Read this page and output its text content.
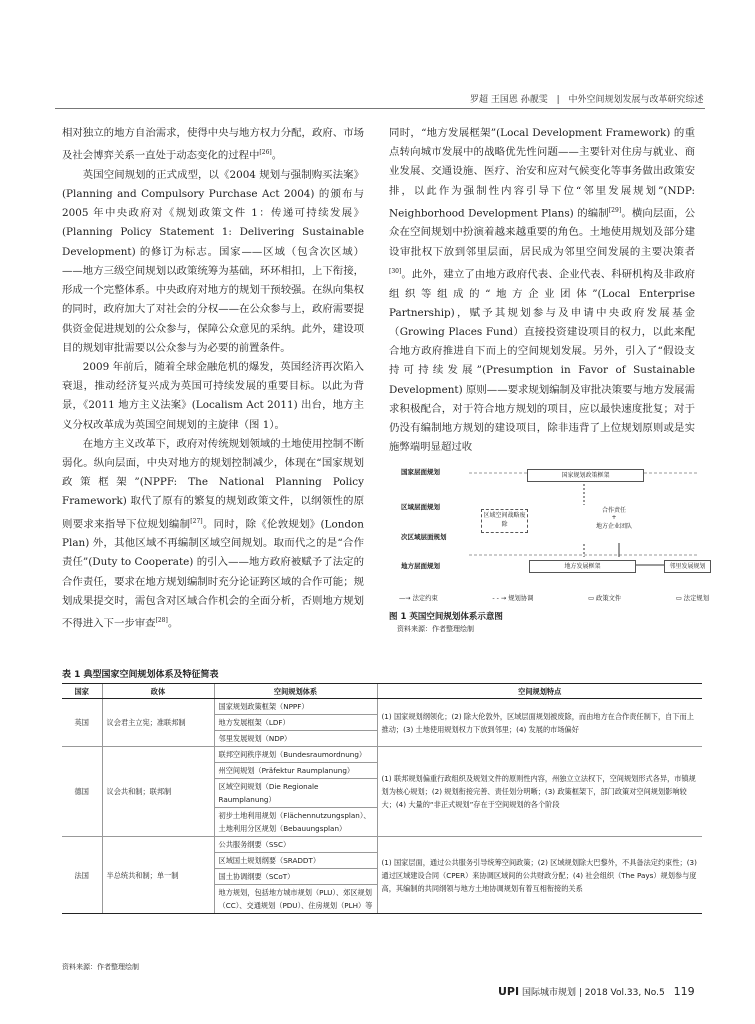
罗超 王国恩 孙靓雯 | 中外空间规划发展与改革研究综述

相对独立的地方自治需求，使得中央与地方权力分配，政府、市场及社会博弈关系一直处于动态变化的过程中[26]。

英国空间规划的正式成型，以《2004 规划与强制购买法案》(Planning and Compulsory Purchase Act 2004) 的颁布与 2005 年中央政府对《规划政策文件 1：传递可持续发展》(Planning Policy Statement 1: Delivering Sustainable Development) 的修订为标志。国家——区域（包含次区域）——地方三级空间规划以政策统筹为基础，环环相扣，上下衔接，形成一个完整体系。中央政府对地方的规划干预较强。在纵向集权的同时，政府加大了对社会的分权——在公众参与上，政府需要提供资金促进规划的公众参与，保障公众意见的采纳。此外，建设项目的规划审批需要以公众参与为必要的前置条件。

2009 年前后，随着全球金融危机的爆发，英国经济再次陷入衰退，推动经济复兴成为英国可持续发展的重要目标。以此为背景，《2011 地方主义法案》(Localism Act 2011) 出台，地方主义分权改革成为英国空间规划的主旋律（图 1）。

在地方主义改革下，政府对传统规划领域的土地使用控制不断弱化。纵向层面，中央对地方的规划控制减少，体现在“国家规划政策框架”(NPPF: The National Planning Policy Framework) 取代了原有的繁复的规划政策文件，以纲领性的原则要求来指导下位规划编制[27]。同时，除《伦敦规划》(London Plan) 外，其他区域不再编制区域空间规划。取而代之的是“合作责任”(Duty to Cooperate) 的引入——地方政府被赋予了法定的合作责任，要求在地方规划编制时充分论证跨区域的合作可能；规划成果提交时，需包含对区域合作机会的全面分析，否则地方规划不得进入下一步审查[28]。

同时，“地方发展框架”(Local Development Framework) 的重点转向城市发展中的战略优先性问题——主要针对住房与就业、商业发展、交通设施、医疗、治安和应对气候变化等事务做出政策安排，以此作为强制性内容引导下位“邻里发展规划”(NDP: Neighborhood Development Plans) 的编制[29]。横向层面，公众在空间规划中扮演着越来越重要的角色。土地使用规划及部分建设审批权下放到邻里层面，居民成为邻里空间发展的主要决策者[30]。此外，建立了由地方政府代表、企业代表、科研机构及非政府组织等组成的“地方企业团体”(Local Enterprise Partnership)，赋予其规划参与及申请中央政府发展基金（Growing Places Fund）直接投资建设项目的权力，以此来配合地方政府推进自下而上的空间规划发展。另外，引入了“假设支持可持续发展”(Presumption in Favor of Sustainable Development) 原则——要求规划编制及审批决策要与地方发展需求积极配合，对于符合地方规划的项目，应以最快速度批复；对于仍没有编制地方规划的建设项目，除非违背了上位规划原则或是实施弊端明显超过收

国家层面规划
区域层面规划
次区域层面规划
地方层面规划
国家规划政策框架
区域空间战略废除
合作责任
+
地方企业团队
地方发展框架	邻里发展规划
—→ 法定约束	- - → 规划协调	▭ 政策文件	▭ 法定规划
图 1 英国空间规划体系示意图
资料来源：作者整理绘制
表 1 典型国家空间规划体系及特征简表
国家	政体	空间规划体系	空间规划特点
英国	议会君主立宪；准联邦制	国家规划政策框架（NPPF）	(1) 国家规划纲领化；(2) 除大伦敦外，区域层面规划被废除，而由地方在合作责任制下，自下而上推动；(3) 土地使用规划权力下放到邻里；(4) 发展的市场偏好
		地方发展框架（LDF）	
		邻里发展规划（NDP）	
德国	议会共和制；联邦制	联邦空间秩序规划（Bundesraumordnung）	(1) 联邦规划偏重行政组织及规划文件的原则性内容，州独立立法权下，空间规划形式各异，市镇规划为核心规划；(2) 规划衔接完善、责任划分明晰；(3) 政策框架下，部门政策对空间规划影响较大；(4) 大量的“非正式规划”存在于空间规划的各个阶段
		州空间规划（Präfektur Raumplanung）	
		区域空间规划（Die Regionale Raumplanung）	
		初步土地利用规划（Flächennutzungsplan）、土地利用分区规划（Bebauungsplan）	
法国	半总统共和制；单一制	公共服务纲要（SSC）	(1) 国家层面，通过公共服务引导统筹空间政策；(2) 区域规划除大巴黎外，不具备法定约束性；(3) 通过区域建设合同（CPER）来协调区域间的公共财政分配；(4) 社会组织（The Pays）规划参与度高，其编制的共同纲领与地方土地协调规划有着互相衔接的关系
		区域国土规划纲要（SRADDT）	
		国土协调纲要（SCoT）	
		地方规划，包括地方城市规划（PLU）、郊区规划（CC）、交通规划（PDU）、住房规划（PLH）等	
资料来源：作者整理绘制
UPI 国际城市规划 | 2018 Vol.33, No.5 119
